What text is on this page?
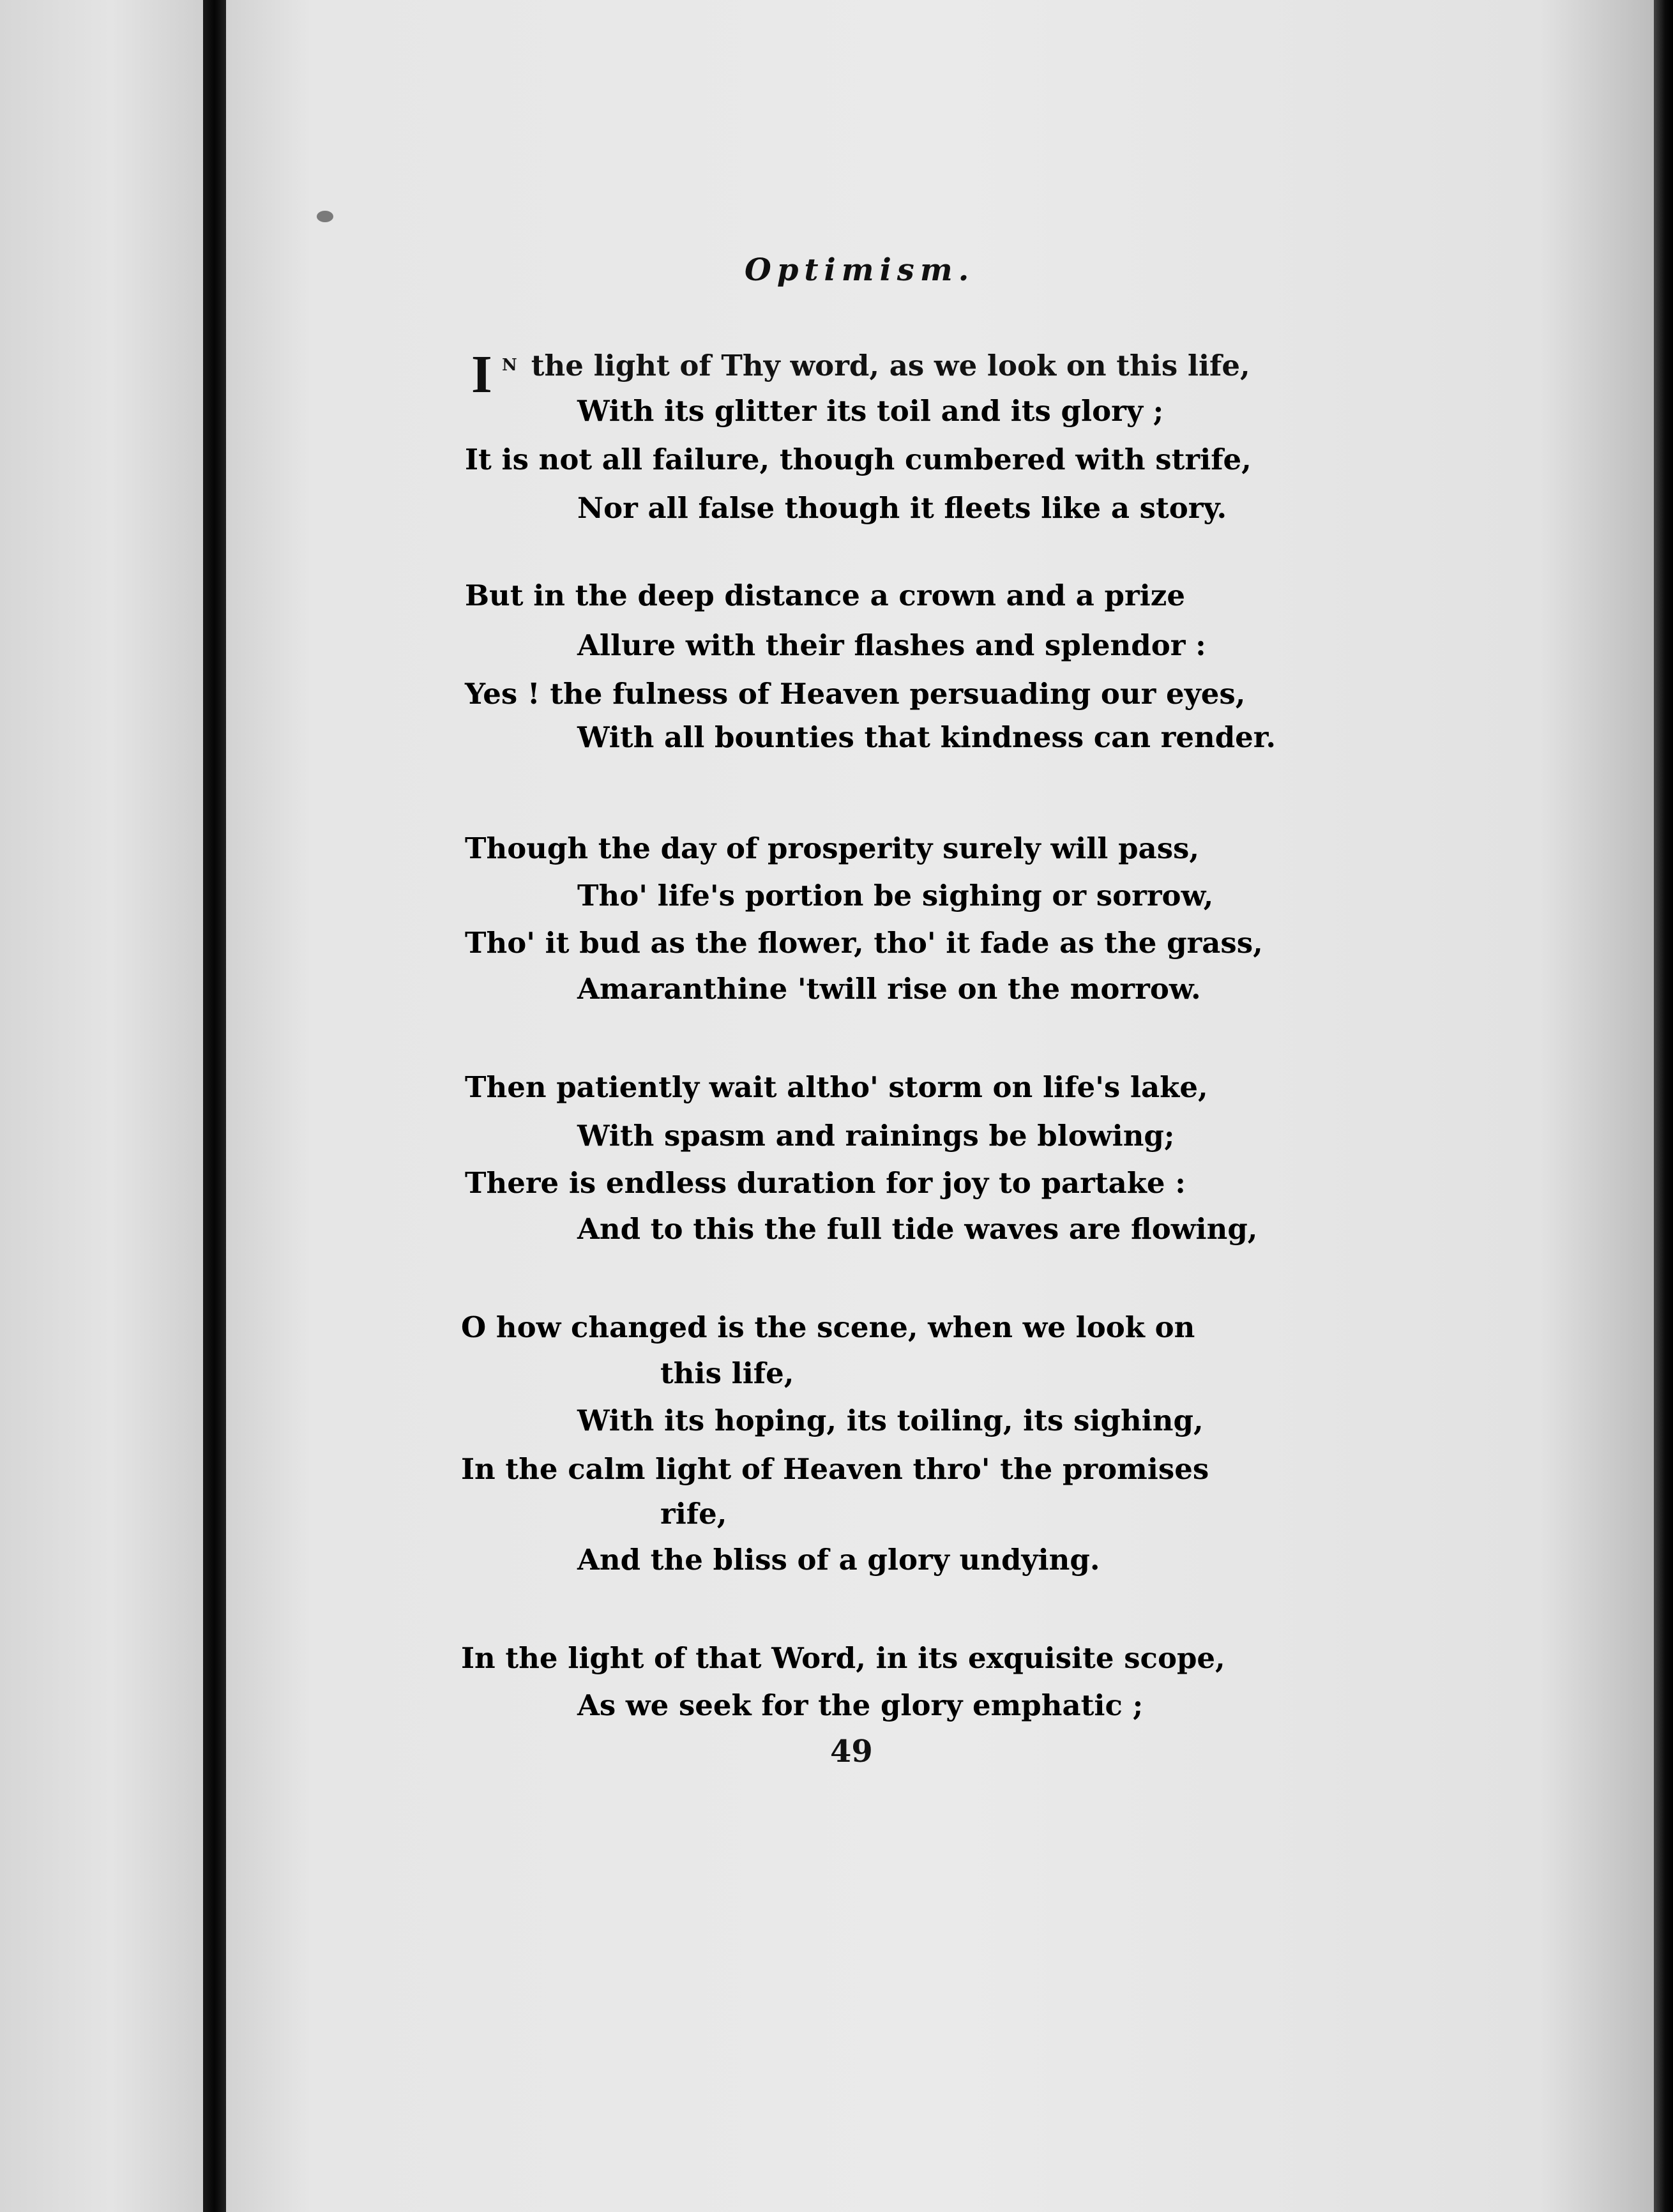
Optimism.
I N the light of Thy word, as we look on this life,
With its glitter its toil and its glory ;
It is not all failure, though cumbered with strife,
Nor all false though it fleets like a story.
But in the deep distance a crown and a prize
Allure with their flashes and splendor :
Yes ! the fulness of Heaven persuading our eyes,
With all bounties that kindness can render.
Though the day of prosperity surely will pass,
Tho' life's portion be sighing or sorrow,
Tho' it bud as the flower, tho' it fade as the grass,
Amaranthine 'twill rise on the morrow.
Then patiently wait altho' storm on life's lake,
With spasm and rainings be blowing;
There is endless duration for joy to partake :
And to this the full tide waves are flowing,
O how changed is the scene, when we look on
this life,
With its hoping, its toiling, its sighing,
In the calm light of Heaven thro' the promises
rife,
And the bliss of a glory undying.
In the light of that Word, in its exquisite scope,
As we seek for the glory emphatic ;
49
